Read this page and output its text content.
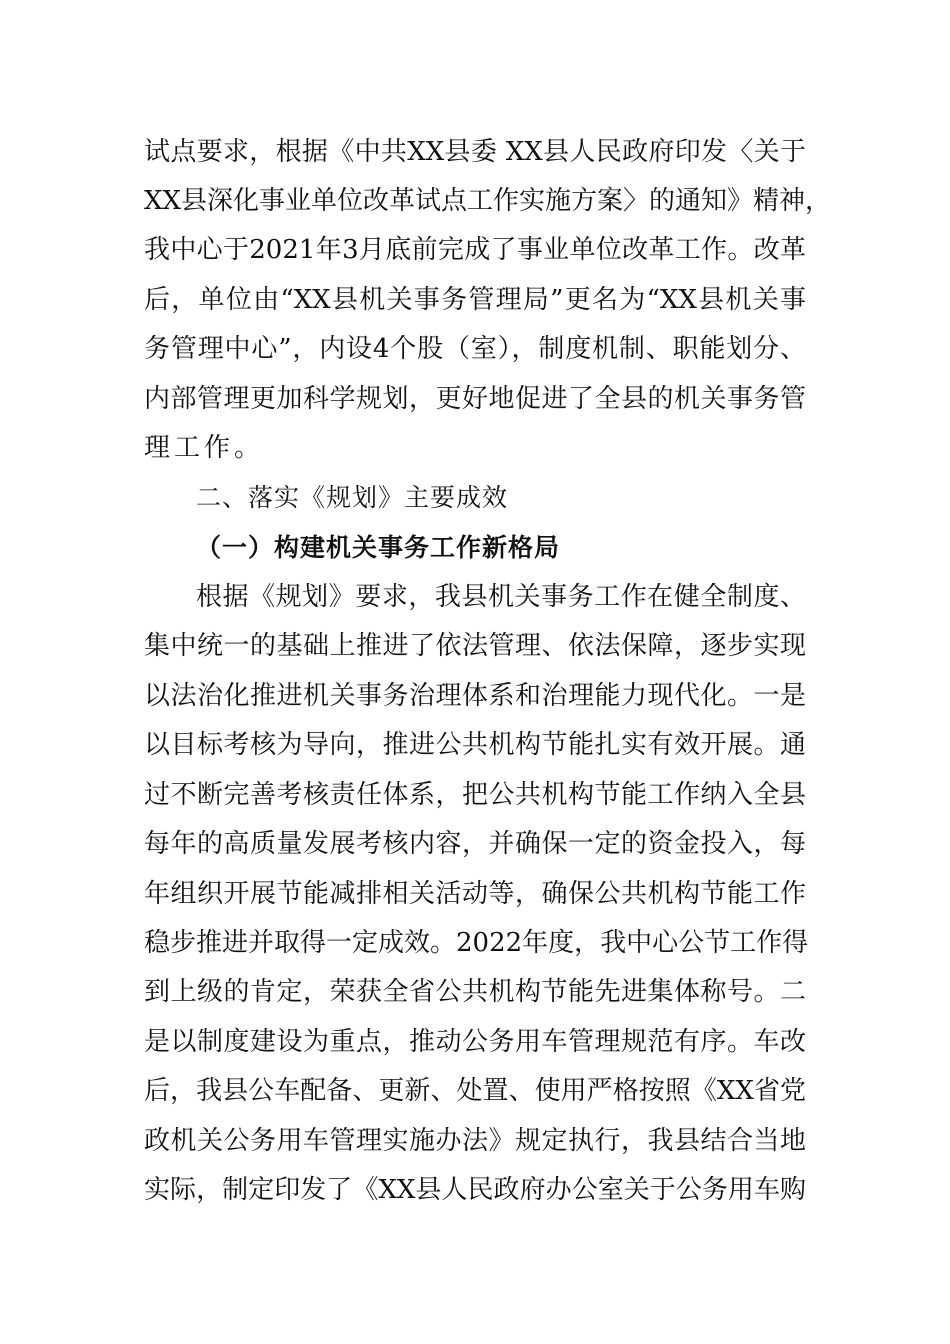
试点要求，根据《中共XX县委 XX县人民政府印发〈关于
XX县深化事业单位改革试点工作实施方案〉的通知》精神，
我中心于2021年3月底前完成了事业单位改革工作。改革
后，单位由“XX县机关事务管理局”更名为“XX县机关事
务管理中心”，内设4个股（室），制度机制、职能划分、
内部管理更加科学规划，更好地促进了全县的机关事务管
理工作。
二、落实《规划》主要成效
（一）构建机关事务工作新格局
根据《规划》要求，我县机关事务工作在健全制度、
集中统一的基础上推进了依法管理、依法保障，逐步实现
以法治化推进机关事务治理体系和治理能力现代化。一是
以目标考核为导向，推进公共机构节能扎实有效开展。通
过不断完善考核责任体系，把公共机构节能工作纳入全县
每年的高质量发展考核内容，并确保一定的资金投入，每
年组织开展节能减排相关活动等，确保公共机构节能工作
稳步推进并取得一定成效。2022年度，我中心公节工作得
到上级的肯定，荣获全省公共机构节能先进集体称号。二
是以制度建设为重点，推动公务用车管理规范有序。车改
后，我县公车配备、更新、处置、使用严格按照《XX省党
政机关公务用车管理实施办法》规定执行，我县结合当地
实际，制定印发了《XX县人民政府办公室关于公务用车购
